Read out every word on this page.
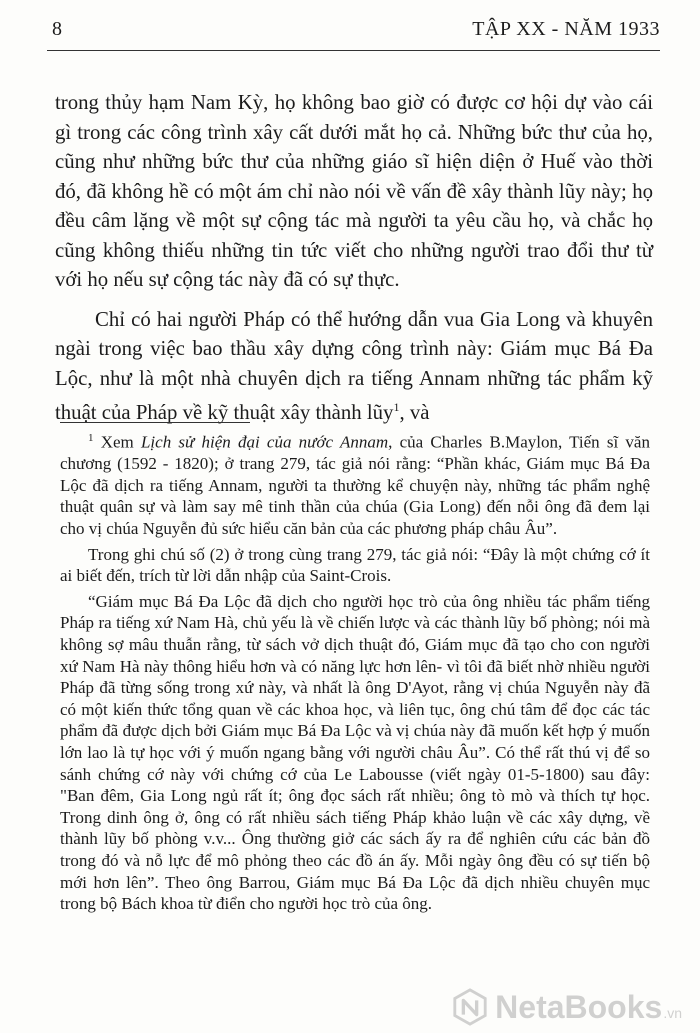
8	TẬP XX - NĂM 1933

trong thủy hạm Nam Kỳ, họ không bao giờ có được cơ hội dự vào cái gì trong các công trình xây cất dưới mắt họ cả. Những bức thư của họ, cũng như những bức thư của những giáo sĩ hiện diện ở Huế vào thời đó, đã không hề có một ám chỉ nào nói về vấn đề xây thành lũy này; họ đều câm lặng về một sự cộng tác mà người ta yêu cầu họ, và chắc họ cũng không thiếu những tin tức viết cho những người trao đổi thư từ với họ nếu sự cộng tác này đã có sự thực.

Chỉ có hai người Pháp có thể hướng dẫn vua Gia Long và khuyên ngài trong việc bao thầu xây dựng công trình này: Giám mục Bá Đa Lộc, như là một nhà chuyên dịch ra tiếng Annam những tác phẩm kỹ thuật của Pháp về kỹ thuật xây thành lũy$^1$, và

$^1$ Xem Lịch sử hiện đại của nước Annam, của Charles B.Maylon, Tiến sĩ văn chương (1592 - 1820); ở trang 279, tác giả nói rằng: “Phần khác, Giám mục Bá Đa Lộc đã dịch ra tiếng Annam, người ta thường kể chuyện này, những tác phẩm nghệ thuật quân sự và làm say mê tinh thần của chúa (Gia Long) đến nỗi ông đã đem lại cho vị chúa Nguyễn đủ sức hiểu căn bản của các phương pháp châu Âu”.

Trong ghi chú số (2) ở trong cùng trang 279, tác giả nói: “Đây là một chứng cớ ít ai biết đến, trích từ lời dẫn nhập của Saint-Crois.

“Giám mục Bá Đa Lộc đã dịch cho người học trò của ông nhiều tác phẩm tiếng Pháp ra tiếng xứ Nam Hà, chủ yếu là về chiến lược và các thành lũy bố phòng; nói mà không sợ mâu thuẫn rằng, từ sách vở dịch thuật đó, Giám mục đã tạo cho con người xứ Nam Hà này thông hiểu hơn và có năng lực hơn lên- vì tôi đã biết nhờ nhiều người Pháp đã từng sống trong xứ này, và nhất là ông D'Ayot, rằng vị chúa Nguyễn này đã có một kiến thức tổng quan về các khoa học, và liên tục, ông chú tâm để đọc các tác phẩm đã được dịch bởi Giám mục Bá Đa Lộc và vị chúa này đã muốn kết hợp ý muốn lớn lao là tự học với ý muốn ngang bằng với người châu Âu”. Có thể rất thú vị để so sánh chứng cớ này với chứng cớ của Le Labousse (viết ngày 01-5-1800) sau đây: "Ban đêm, Gia Long ngủ rất ít; ông đọc sách rất nhiều; ông tò mò và thích tự học. Trong dinh ông ở, ông có rất nhiều sách tiếng Pháp khảo luận về các xây dựng, về thành lũy bố phòng v.v... Ông thường giở các sách ấy ra để nghiên cứu các bản đồ trong đó và nỗ lực để mô phỏng theo các đồ án ấy. Mỗi ngày ông đều có sự tiến bộ mới hơn lên”. Theo ông Barrou, Giám mục Bá Đa Lộc đã dịch nhiều chuyên mục trong bộ Bách khoa từ điển cho người học trò của ông.

NetaBooks .vn
